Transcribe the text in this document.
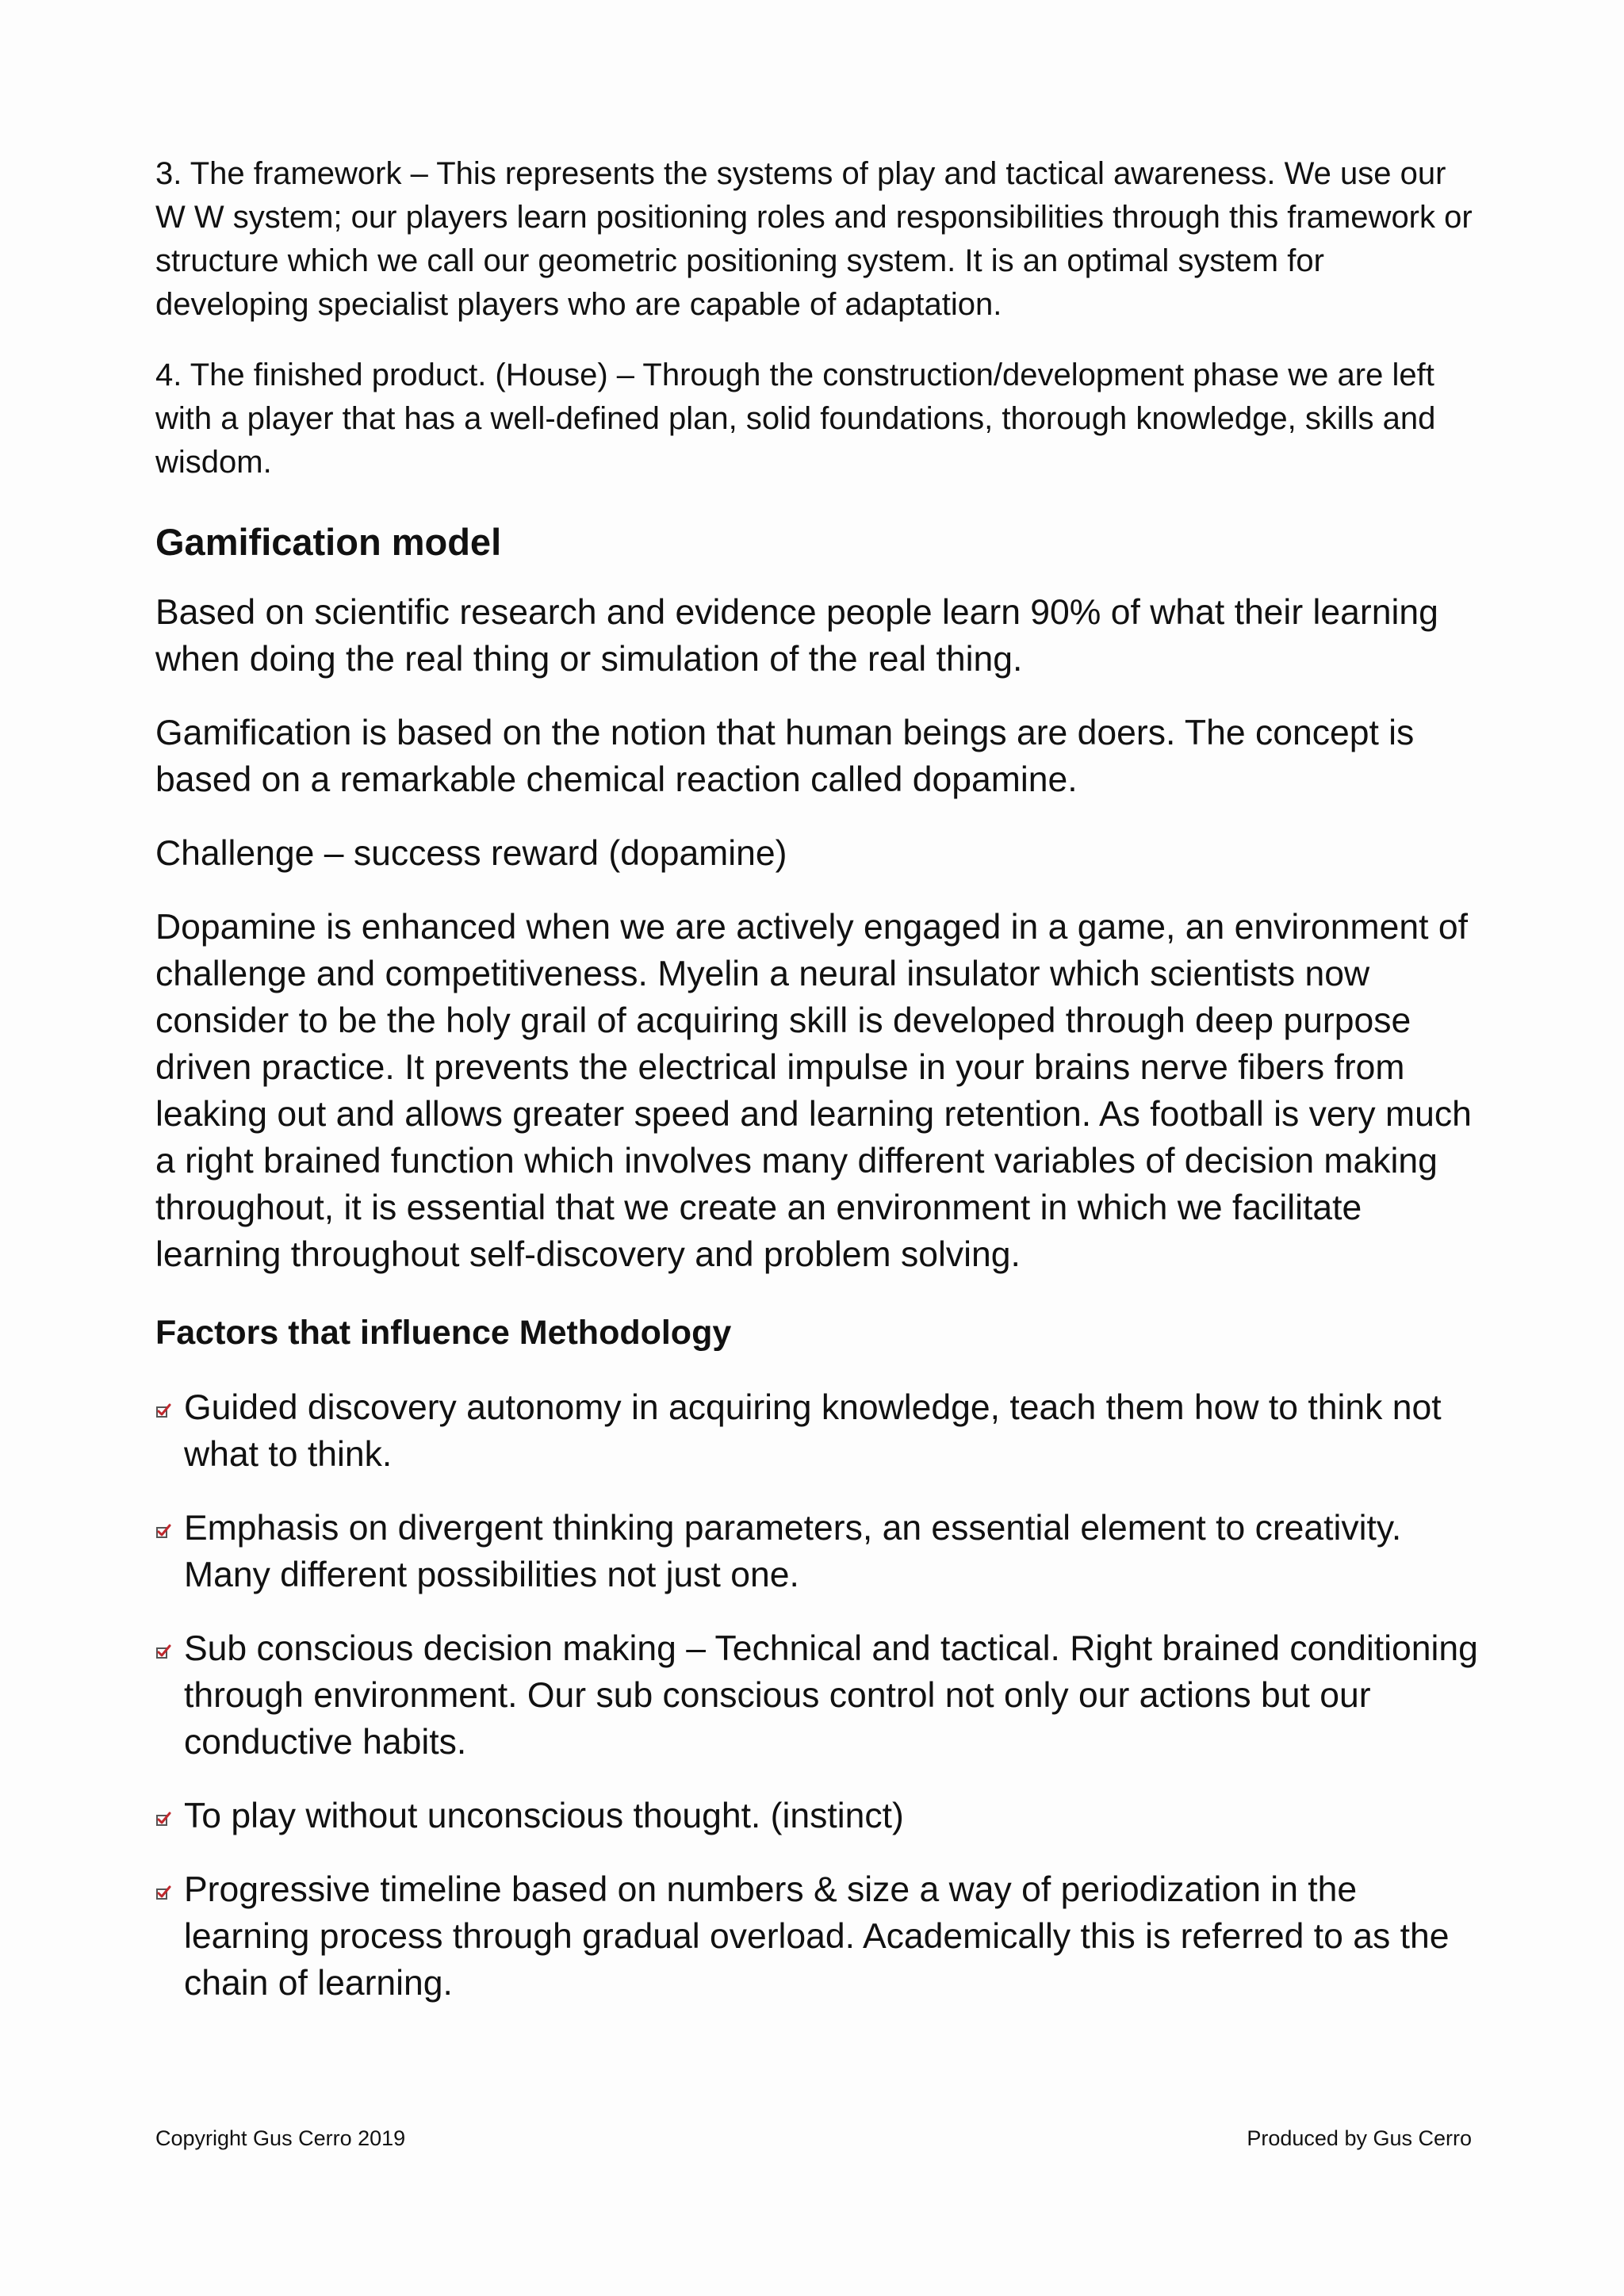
3. The framework – This represents the systems of play and tactical awareness. We use our W W system; our players learn positioning roles and responsibilities through this framework or structure which we call our geometric positioning system. It is an optimal system for developing specialist players who are capable of adaptation.

4. The finished product. (House) – Through the construction/development phase we are left with a player that has a well-defined plan, solid foundations, thorough knowledge, skills and wisdom.

Gamification model

Based on scientific research and evidence people learn 90% of what their learning when doing the real thing or simulation of the real thing.

Gamification is based on the notion that human beings are doers. The concept is based on a remarkable chemical reaction called dopamine.

Challenge – success reward (dopamine)

Dopamine is enhanced when we are actively engaged in a game, an environment of challenge and competitiveness. Myelin a neural insulator which scientists now consider to be the holy grail of acquiring skill is developed through deep purpose driven practice. It prevents the electrical impulse in your brains nerve fibers from leaking out and allows greater speed and learning retention. As football is very much a right brained function which involves many different variables of decision making throughout, it is essential that we create an environment in which we facilitate learning throughout self-discovery and problem solving.

Factors that influence Methodology
Guided discovery autonomy in acquiring knowledge, teach them how to think not what to think.
Emphasis on divergent thinking parameters, an essential element to creativity. Many different possibilities not just one.
Sub conscious decision making – Technical and tactical. Right brained conditioning through environment. Our sub conscious control not only our actions but our conductive habits.
To play without unconscious thought. (instinct)
Progressive timeline based on numbers & size a way of periodization in the learning process through gradual overload. Academically this is referred to as the chain of learning.
Copyright Gus Cerro 2019	Produced by Gus Cerro
